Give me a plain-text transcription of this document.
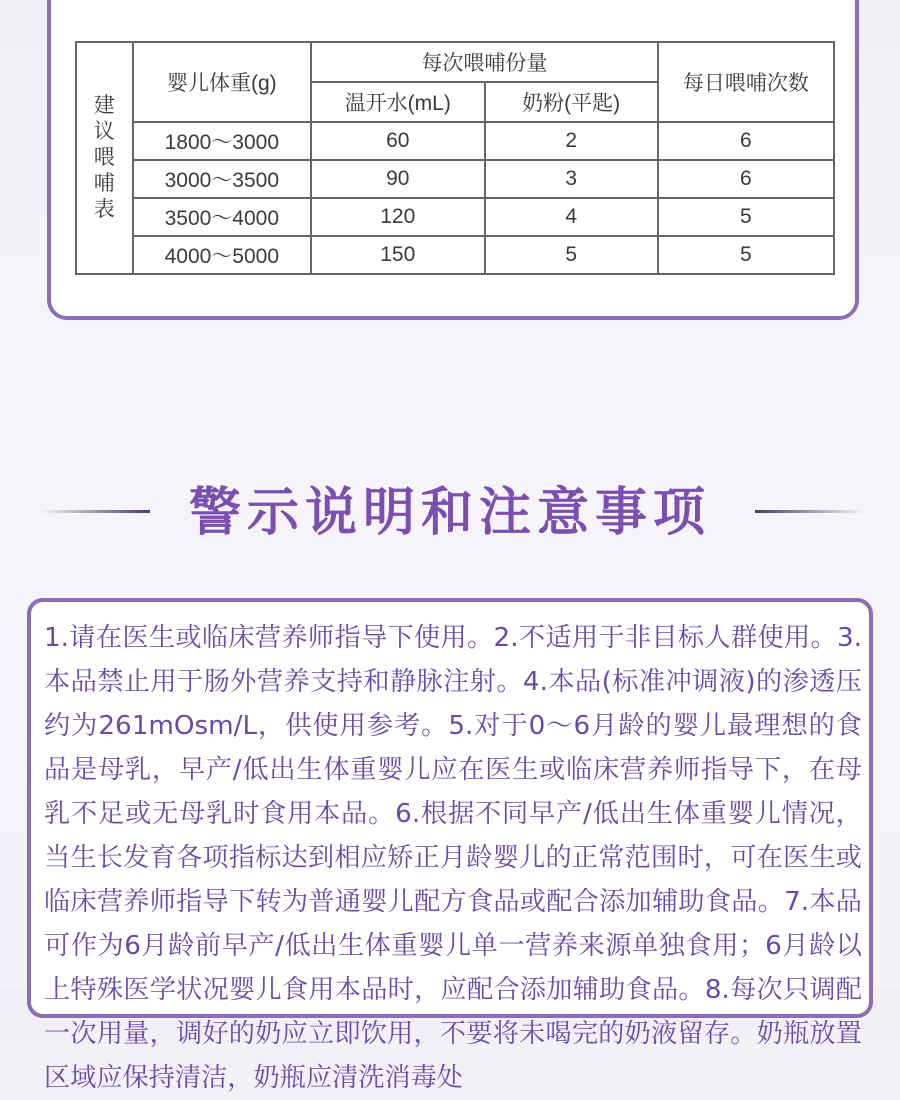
建
议
喂
哺
表	婴儿体重(g)	每次喂哺份量		每日喂哺次数
		温开水(mL)	奶粉(平匙)	
	1800～3000	60	2	6
	3000～3500	90	3	6
	3500～4000	120	4	5
	4000～5000	150	5	5
警示说明和注意事项
1.请在医生或临床营养师指导下使用。2.不适用于非目标人群使用。3.本品禁止用于肠外营养支持和静脉注射。4.本品(标准冲调液)的渗透压约为261mOsm/L，供使用参考。5.对于0～6月龄的婴儿最理想的食品是母乳，早产/低出生体重婴儿应在医生或临床营养师指导下，在母乳不足或无母乳时食用本品。6.根据不同早产/低出生体重婴儿情况，当生长发育各项指标达到相应矫正月龄婴儿的正常范围时，可在医生或临床营养师指导下转为普通婴儿配方食品或配合添加辅助食品。7.本品可作为6月龄前早产/低出生体重婴儿单一营养来源单独食用；6月龄以上特殊医学状况婴儿食用本品时，应配合添加辅助食品。8.每次只调配一次用量，调好的奶应立即饮用，不要将未喝完的奶液留存。奶瓶放置区域应保持清洁，奶瓶应清洗消毒处
